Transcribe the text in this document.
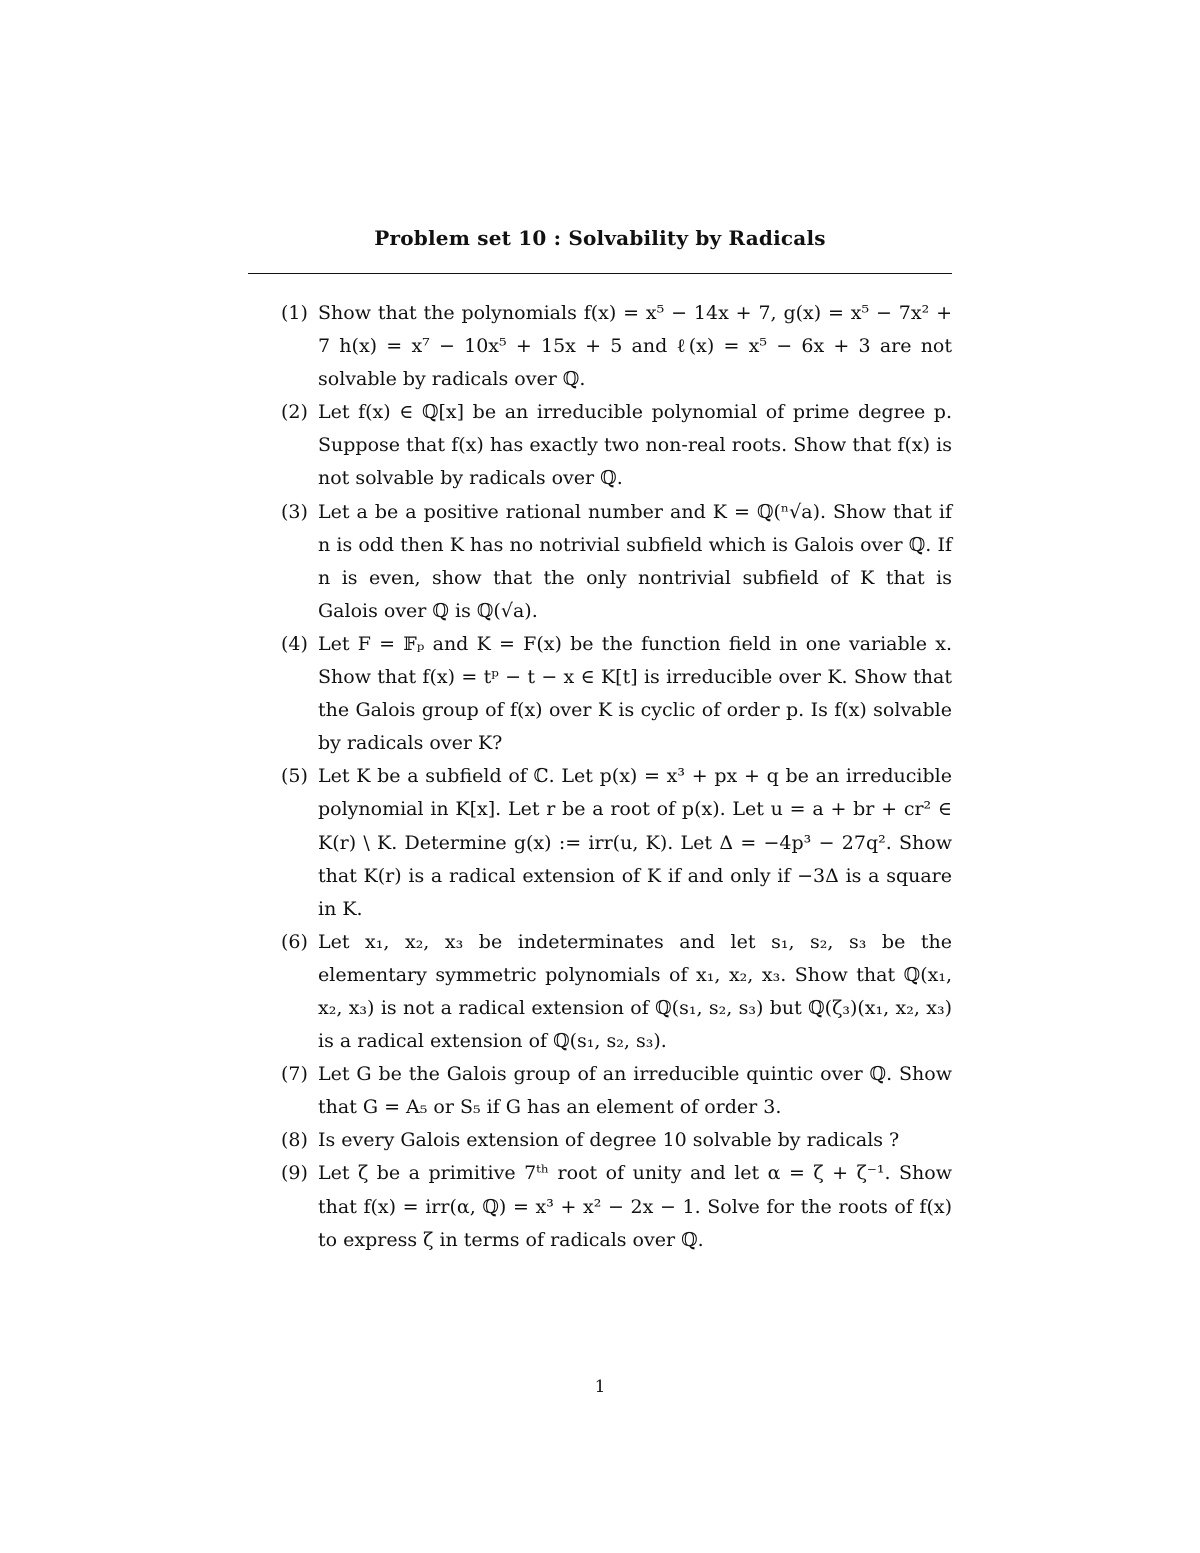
Problem set 10 : Solvability by Radicals
(1) Show that the polynomials f(x) = x⁵ − 14x + 7, g(x) = x⁵ − 7x² + 7 h(x) = x⁷ − 10x⁵ + 15x + 5 and ℓ(x) = x⁵ − 6x + 3 are not solvable by radicals over ℚ.
(2) Let f(x) ∈ ℚ[x] be an irreducible polynomial of prime degree p. Suppose that f(x) has exactly two non-real roots. Show that f(x) is not solvable by radicals over ℚ.
(3) Let a be a positive rational number and K = ℚ(ⁿ√a). Show that if n is odd then K has no notrivial subfield which is Galois over ℚ. If n is even, show that the only nontrivial subfield of K that is Galois over ℚ is ℚ(√a).
(4) Let F = 𝔽ₚ and K = F(x) be the function field in one variable x. Show that f(x) = tᵖ − t − x ∈ K[t] is irreducible over K. Show that the Galois group of f(x) over K is cyclic of order p. Is f(x) solvable by radicals over K?
(5) Let K be a subfield of ℂ. Let p(x) = x³ + px + q be an irreducible polynomial in K[x]. Let r be a root of p(x). Let u = a + br + cr² ∈ K(r) \ K. Determine g(x) := irr(u, K). Let Δ = −4p³ − 27q². Show that K(r) is a radical extension of K if and only if −3Δ is a square in K.
(6) Let x₁, x₂, x₃ be indeterminates and let s₁, s₂, s₃ be the elementary symmetric polynomials of x₁, x₂, x₃. Show that ℚ(x₁, x₂, x₃) is not a radical extension of ℚ(s₁, s₂, s₃) but ℚ(ζ₃)(x₁, x₂, x₃) is a radical extension of ℚ(s₁, s₂, s₃).
(7) Let G be the Galois group of an irreducible quintic over ℚ. Show that G = A₅ or S₅ if G has an element of order 3.
(8) Is every Galois extension of degree 10 solvable by radicals ?
(9) Let ζ be a primitive 7ᵗʰ root of unity and let α = ζ + ζ⁻¹. Show that f(x) = irr(α, ℚ) = x³ + x² − 2x − 1. Solve for the roots of f(x) to express ζ in terms of radicals over ℚ.
1
